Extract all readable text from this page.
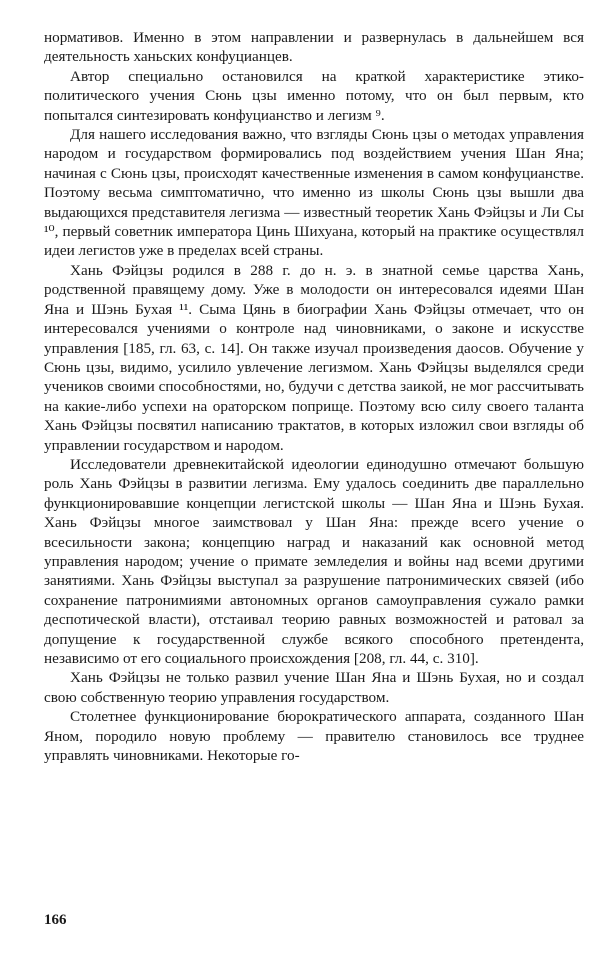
нормативов. Именно в этом направлении и развернулась в дальнейшем вся деятельность ханьских конфуцианцев.

Автор специально остановился на краткой характеристике этико-политического учения Сюнь цзы именно потому, что он был первым, кто попытался синтезировать конфуцианство и легизм ⁹.

Для нашего исследования важно, что взгляды Сюнь цзы о методах управления народом и государством формировались под воздействием учения Шан Яна; начиная с Сюнь цзы, происходят качественные изменения в самом конфуцианстве. Поэтому весьма симптоматично, что именно из школы Сюнь цзы вышли два выдающихся представителя легизма — известный теоретик Хань Фэйцзы и Ли Сы ¹⁰, первый советник императора Цинь Шихуана, который на практике осуществлял идеи легистов уже в пределах всей страны.

Хань Фэйцзы родился в 288 г. до н. э. в знатной семье царства Хань, родственной правящему дому. Уже в молодости он интересовался идеями Шан Яна и Шэнь Бухая ¹¹. Сыма Цянь в биографии Хань Фэйцзы отмечает, что он интересовался учениями о контроле над чиновниками, о законе и искусстве управления [185, гл. 63, с. 14]. Он также изучал произведения даосов. Обучение у Сюнь цзы, видимо, усилило увлечение легизмом. Хань Фэйцзы выделялся среди учеников своими способностями, но, будучи с детства заикой, не мог рассчитывать на какие-либо успехи на ораторском поприще. Поэтому всю силу своего таланта Хань Фэйцзы посвятил написанию трактатов, в которых изложил свои взгляды об управлении государством и народом.

Исследователи древнекитайской идеологии единодушно отмечают большую роль Хань Фэйцзы в развитии легизма. Ему удалось соединить две параллельно функционировавшие концепции легистской школы — Шан Яна и Шэнь Бухая. Хань Фэйцзы многое заимствовал у Шан Яна: прежде всего учение о всесильности закона; концепцию наград и наказаний как основной метод управления народом; учение о примате земледелия и войны над всеми другими занятиями. Хань Фэйцзы выступал за разрушение патронимических связей (ибо сохранение патронимиями автономных органов самоуправления сужало рамки деспотической власти), отстаивал теорию равных возможностей и ратовал за допущение к государственной службе всякого способного претендента, независимо от его социального происхождения [208, гл. 44, с. 310].

Хань Фэйцзы не только развил учение Шан Яна и Шэнь Бухая, но и создал свою собственную теорию управления государством.

Столетнее функционирование бюрократического аппарата, созданного Шан Яном, породило новую проблему — правителю становилось все труднее управлять чиновниками. Некоторые го-

166
